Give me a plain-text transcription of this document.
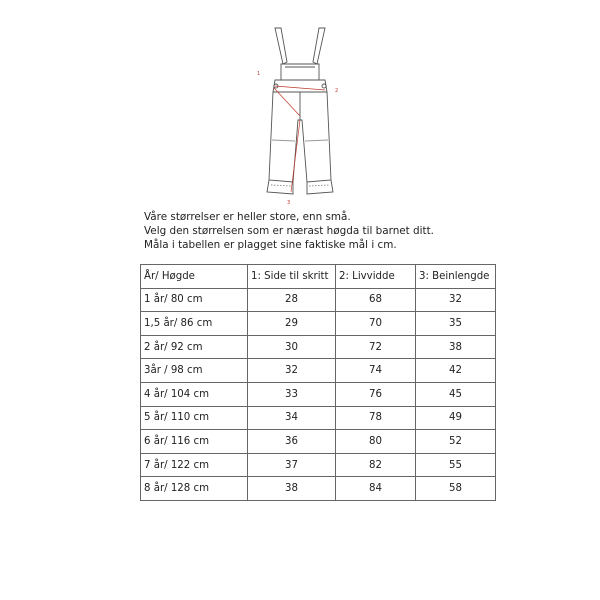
1
2
3
Våre størrelser er heller store, enn små.
Velg den størrelsen som er nærast høgda til barnet ditt.
Måla i tabellen er plagget sine faktiske mål i cm.
År/ Høgde	1: Side til skritt	2: Livvidde	3: Beinlengde
1 år/ 80 cm	28	68	32
1,5 år/ 86 cm	29	70	35
2 år/ 92 cm	30	72	38
3år / 98 cm	32	74	42
4 år/ 104 cm	33	76	45
5 år/ 110 cm	34	78	49
6 år/ 116 cm	36	80	52
7 år/ 122 cm	37	82	55
8 år/ 128 cm	38	84	58
